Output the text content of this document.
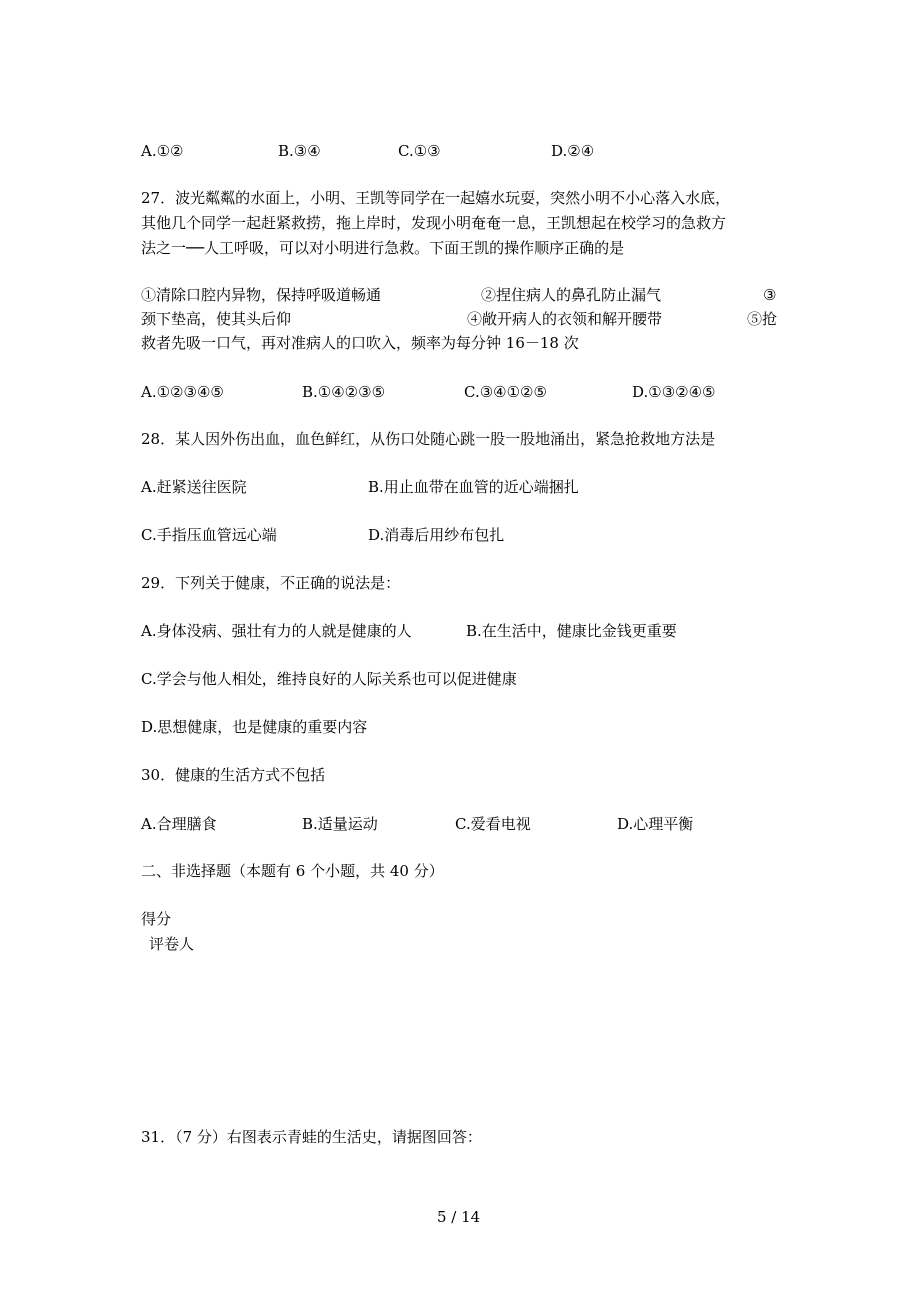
A.①②	B.③④	C.①③	D.②④
27．波光粼粼的水面上，小明、王凯等同学在一起嬉水玩耍，突然小明不小心落入水底，
其他几个同学一起赶紧救捞，拖上岸时，发现小明奄奄一息，王凯想起在校学习的急救方
法之一──人工呼吸，可以对小明进行急救。下面王凯的操作顺序正确的是
①清除口腔内异物，保持呼吸道畅通	②捏住病人的鼻孔防止漏气	③
颈下垫高，使其头后仰	④敞开病人的衣领和解开腰带	⑤抢
救者先吸一口气，再对准病人的口吹入，频率为每分钟 16－18 次
A.①②③④⑤	B.①④②③⑤	C.③④①②⑤	D.①③②④⑤
28．某人因外伤出血，血色鲜红，从伤口处随心跳一股一股地涌出，紧急抢救地方法是
A.赶紧送往医院	B.用止血带在血管的近心端捆扎
C.手指压血管远心端	D.消毒后用纱布包扎
29．下列关于健康，不正确的说法是：
A.身体没病、强壮有力的人就是健康的人	B.在生活中，健康比金钱更重要
C.学会与他人相处，维持良好的人际关系也可以促进健康
D.思想健康，也是健康的重要内容
30．健康的生活方式不包括
A.合理膳食	B.适量运动	C.爱看电视	D.心理平衡
二、非选择题（本题有 6 个小题，共 40 分）
得分
评卷人
31．（7 分）右图表示青蛙的生活史，请据图回答：
5 / 14
